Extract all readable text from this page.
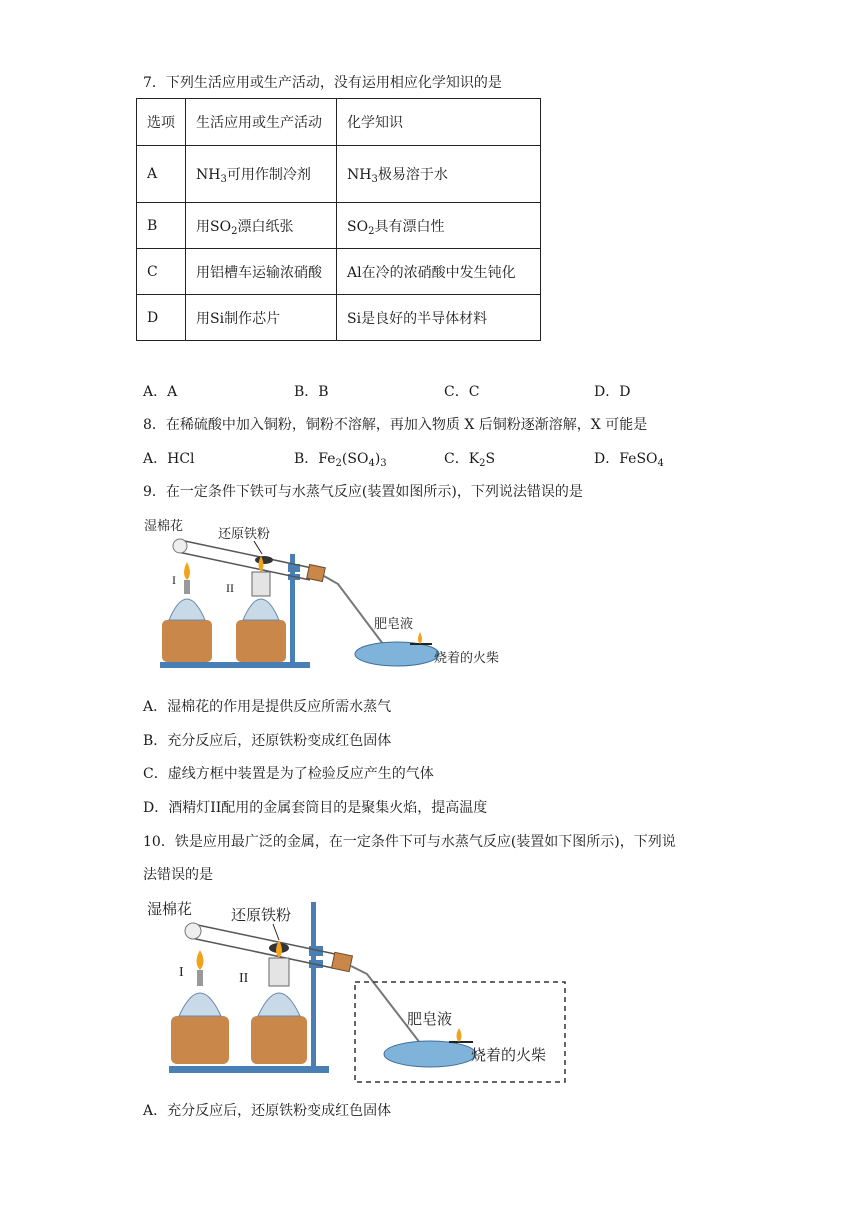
7．下列生活应用或生产活动，没有运用相应化学知识的是
选项	生活应用或生产活动	化学知识
A	$NH_3$可用作制冷剂	$NH_3$极易溶于水
B	用$SO_2$漂白纸张	$SO_2$具有漂白性
C	用铝槽车运输浓硝酸	Al在冷的浓硝酸中发生钝化
D	用Si制作芯片	Si是良好的半导体材料
A．A	B．B	C．C	D．D
8．在稀硫酸中加入铜粉，铜粉不溶解，再加入物质 X 后铜粉逐渐溶解，X 可能是
A．HCl	B．$Fe_2(SO_4)_3$	C．$K_2S$	D．FeSO$_4$
9．在一定条件下铁可与水蒸气反应(装置如图所示)，下列说法错误的是
湿棉花
还原铁粉
I
II
肥皂液
烧着的火柴
A．湿棉花的作用是提供反应所需水蒸气
B．充分反应后，还原铁粉变成红色固体
C．虚线方框中装置是为了检验反应产生的气体
D．酒精灯II配用的金属套筒目的是聚集火焰，提高温度
10．铁是应用最广泛的金属，在一定条件下可与水蒸气反应(装置如下图所示)，下列说
法错误的是
湿棉花	还原铁粉
I	II
肥皂液
烧着的火柴
A．充分反应后，还原铁粉变成红色固体
